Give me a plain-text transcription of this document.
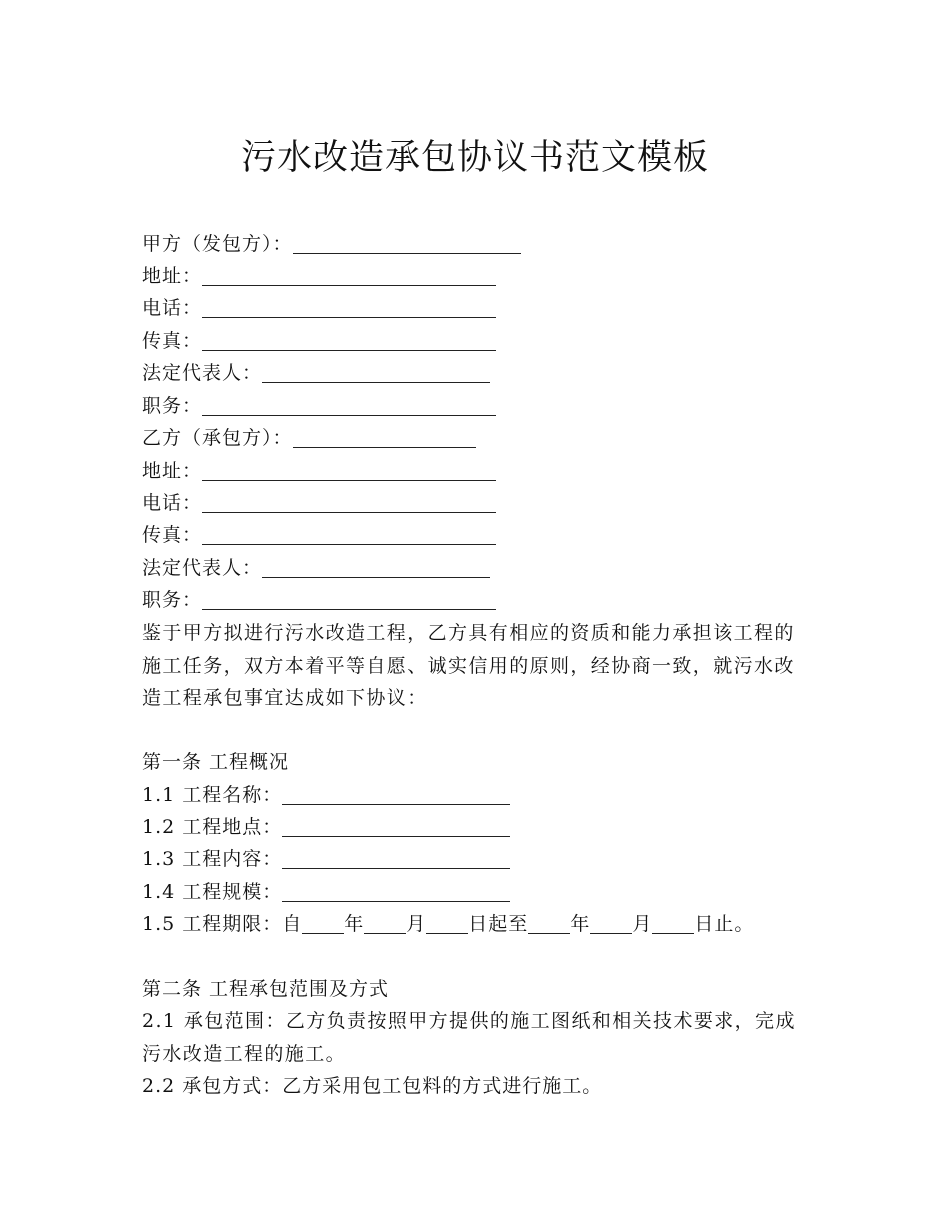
污水改造承包协议书范文模板
甲方（发包方）：
地址：
电话：
传真：
法定代表人：
职务：
乙方（承包方）：
地址：
电话：
传真：
法定代表人：
职务：
鉴于甲方拟进行污水改造工程，乙方具有相应的资质和能力承担该工程的施工任务，双方本着平等自愿、诚实信用的原则，经协商一致，就污水改造工程承包事宜达成如下协议：
第一条 工程概况
1.1 工程名称：
1.2 工程地点：
1.3 工程内容：
1.4 工程规模：
1.5 工程期限：自 年 月 日起至 年 月 日止。
第二条 工程承包范围及方式
2.1 承包范围：乙方负责按照甲方提供的施工图纸和相关技术要求，完成污水改造工程的施工。
2.2 承包方式：乙方采用包工包料的方式进行施工。
